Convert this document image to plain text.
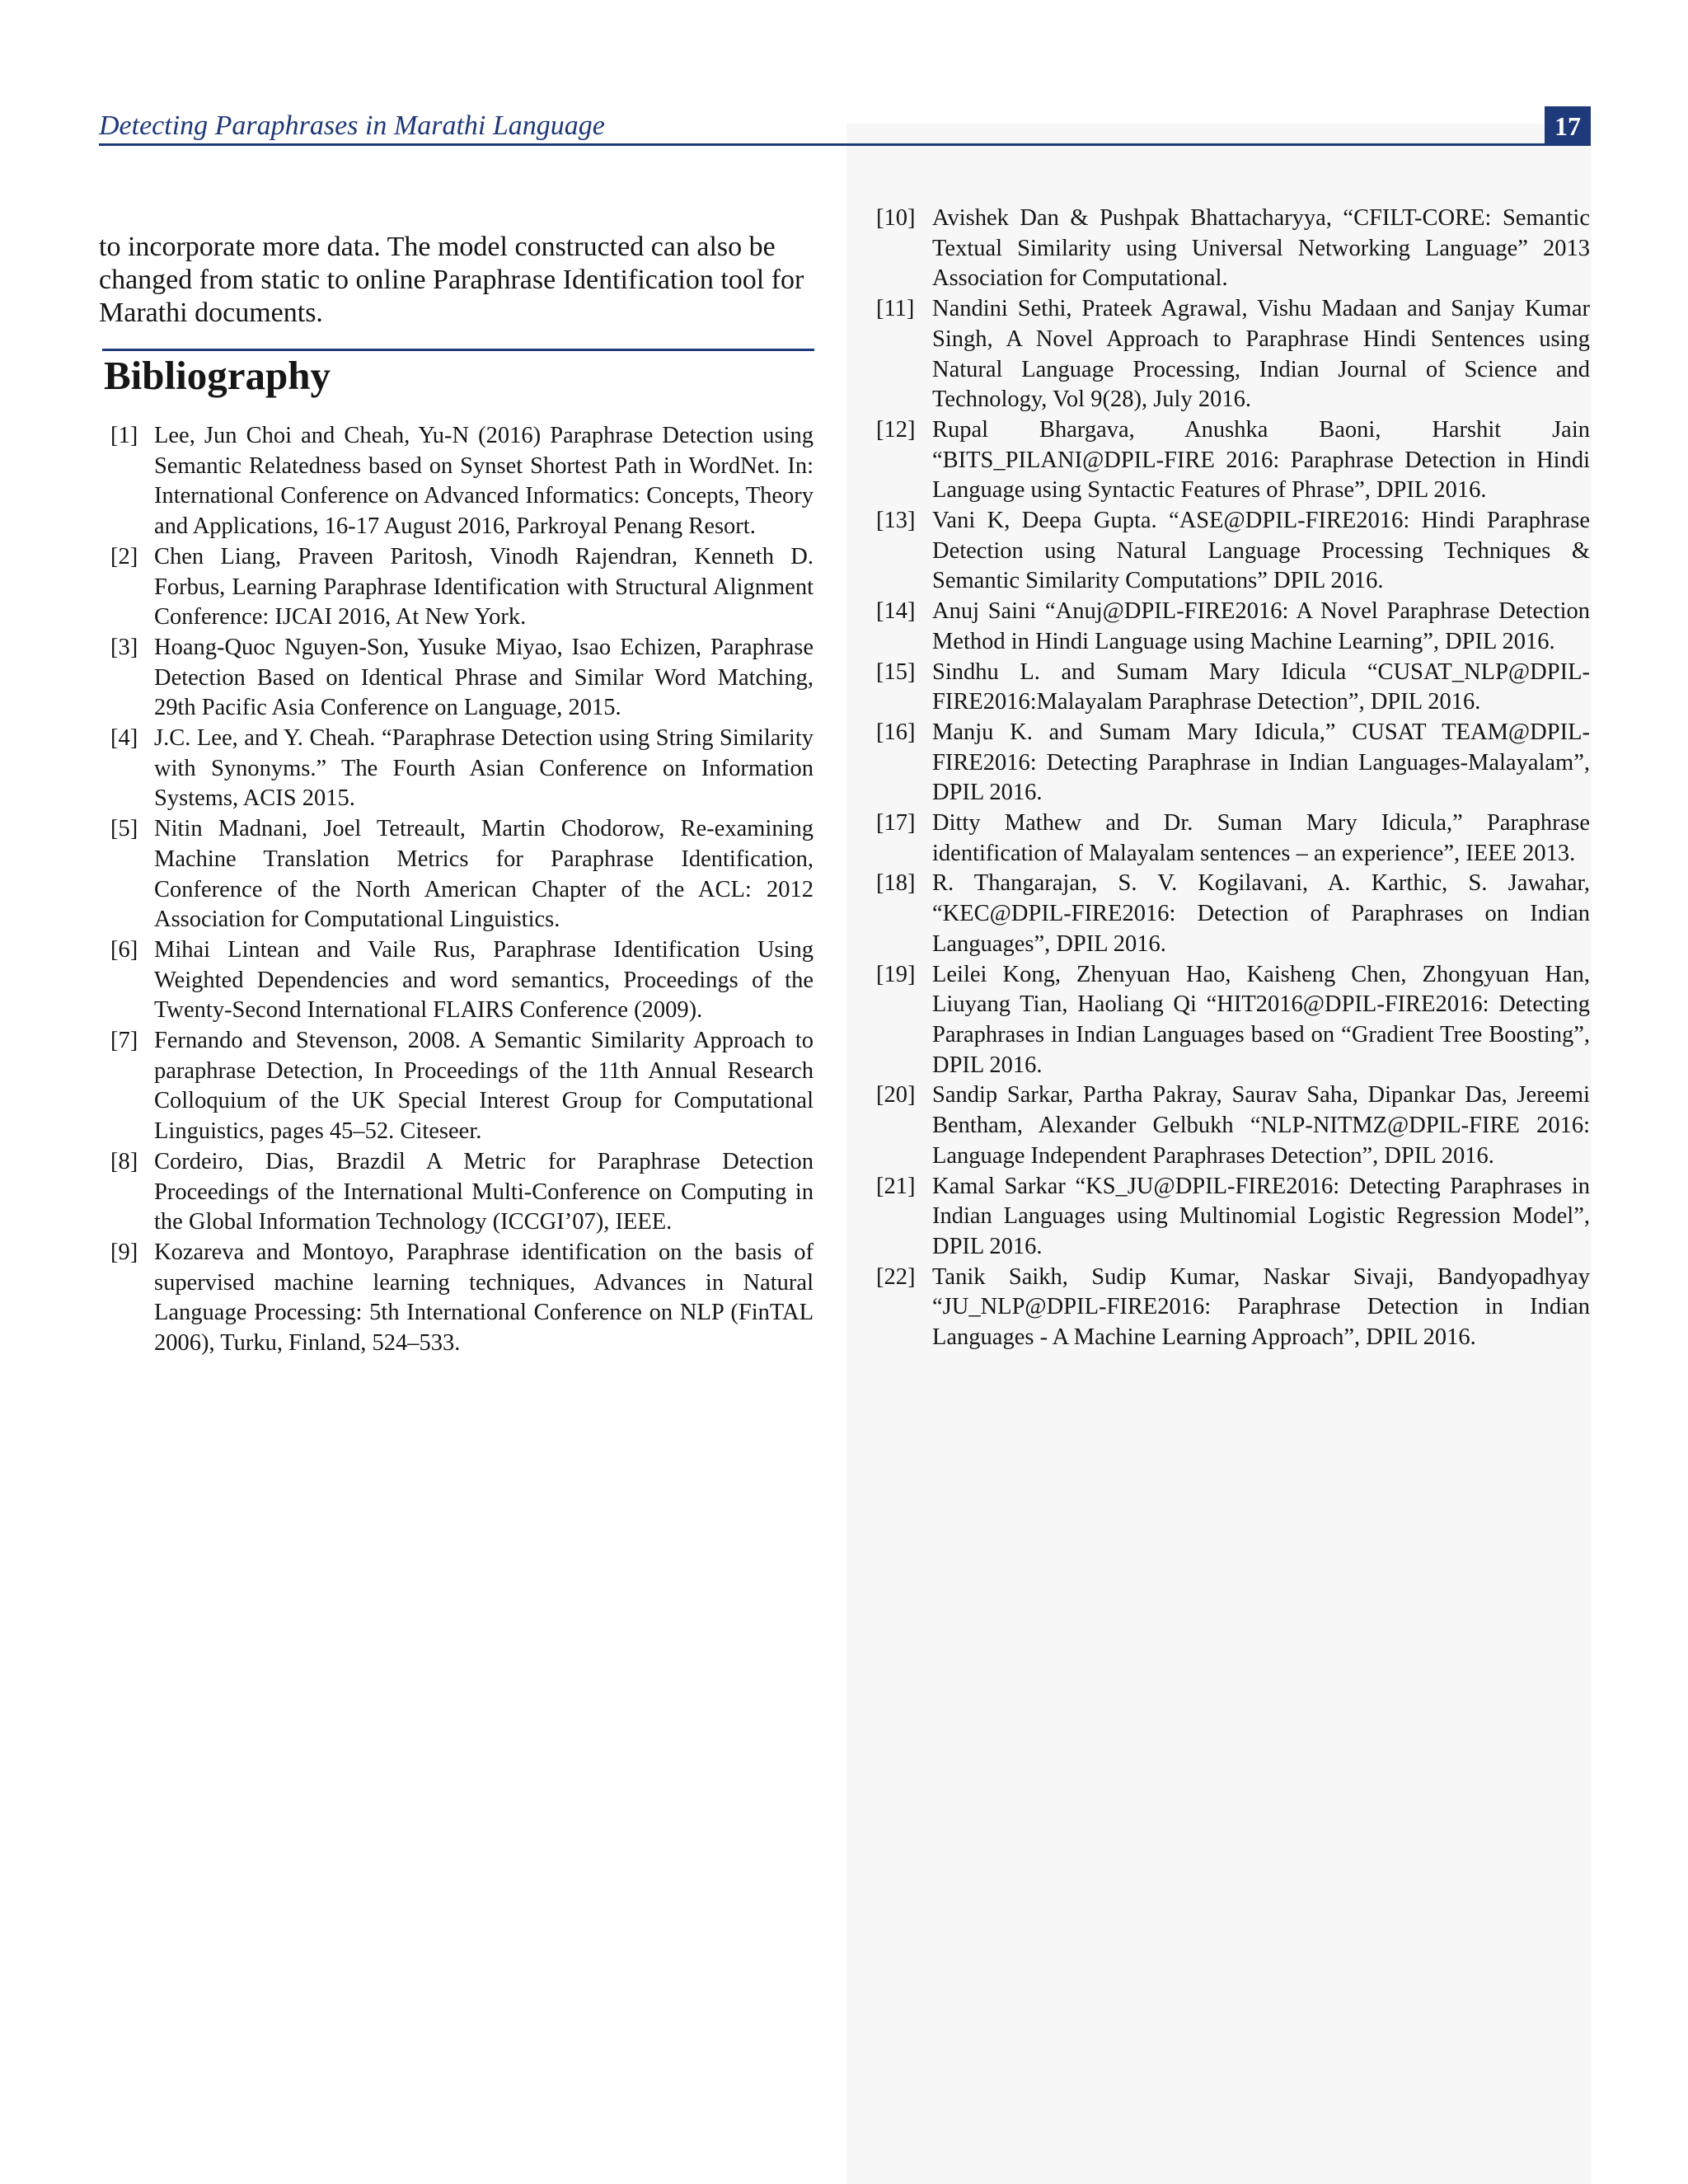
Detecting Paraphrases in Marathi Language	17

to incorporate more data. The model constructed can also be changed from static to online Paraphrase Identification tool for Marathi documents.

Bibliography
[1] Lee, Jun Choi and Cheah, Yu-N (2016) Paraphrase Detection using Semantic Relatedness based on Synset Shortest Path in WordNet. In: International Conference on Advanced Informatics: Concepts, Theory and Applications, 16-17 August 2016, Parkroyal Penang Resort.
[2] Chen Liang, Praveen Paritosh, Vinodh Rajendran, Kenneth D. Forbus, Learning Paraphrase Identification with Structural Alignment Conference: IJCAI 2016, At New York.
[3] Hoang-Quoc Nguyen-Son, Yusuke Miyao, Isao Echizen, Paraphrase Detection Based on Identical Phrase and Similar Word Matching, 29th Pacific Asia Conference on Language, 2015.
[4] J.C. Lee, and Y. Cheah. “Paraphrase Detection using String Similarity with Synonyms.” The Fourth Asian Conference on Information Systems, ACIS 2015.
[5] Nitin Madnani, Joel Tetreault, Martin Chodorow, Re-examining Machine Translation Metrics for Paraphrase Identification, Conference of the North American Chapter of the ACL: 2012 Association for Computational Linguistics.
[6] Mihai Lintean and Vaile Rus, Paraphrase Identification Using Weighted Dependencies and word semantics, Proceedings of the Twenty-Second International FLAIRS Conference (2009).
[7] Fernando and Stevenson, 2008. A Semantic Similarity Approach to paraphrase Detection, In Proceedings of the 11th Annual Research Colloquium of the UK Special Interest Group for Computational Linguistics, pages 45–52. Citeseer.
[8] Cordeiro, Dias, Brazdil A Metric for Paraphrase Detection Proceedings of the International Multi-Conference on Computing in the Global Information Technology (ICCGI’07), IEEE.
[9] Kozareva and Montoyo, Paraphrase identification on the basis of supervised machine learning techniques, Advances in Natural Language Processing: 5th International Conference on NLP (FinTAL 2006), Turku, Finland, 524–533.
[10] Avishek Dan & Pushpak Bhattacharyya, “CFILT-CORE: Semantic Textual Similarity using Universal Networking Language” 2013 Association for Computational.
[11] Nandini Sethi, Prateek Agrawal, Vishu Madaan and Sanjay Kumar Singh, A Novel Approach to Paraphrase Hindi Sentences using Natural Language Processing, Indian Journal of Science and Technology, Vol 9(28), July 2016.
[12] Rupal Bhargava, Anushka Baoni, Harshit Jain “BITS_PILANI@DPIL-FIRE 2016: Paraphrase Detection in Hindi Language using Syntactic Features of Phrase”, DPIL 2016.
[13] Vani K, Deepa Gupta. “ASE@DPIL-FIRE2016: Hindi Paraphrase Detection using Natural Language Processing Techniques & Semantic Similarity Computations” DPIL 2016.
[14] Anuj Saini “Anuj@DPIL-FIRE2016: A Novel Paraphrase Detection Method in Hindi Language using Machine Learning”, DPIL 2016.
[15] Sindhu L. and Sumam Mary Idicula “CUSAT_NLP@DPIL-FIRE2016:Malayalam Paraphrase Detection”, DPIL 2016.
[16] Manju K. and Sumam Mary Idicula,” CUSAT TEAM@DPIL-FIRE2016: Detecting Paraphrase in Indian Languages-Malayalam”, DPIL 2016.
[17] Ditty Mathew and Dr. Suman Mary Idicula,” Paraphrase identification of Malayalam sentences – an experience”, IEEE 2013.
[18] R. Thangarajan, S. V. Kogilavani, A. Karthic, S. Jawahar, “KEC@DPIL-FIRE2016: Detection of Paraphrases on Indian Languages”, DPIL 2016.
[19] Leilei Kong, Zhenyuan Hao, Kaisheng Chen, Zhongyuan Han, Liuyang Tian, Haoliang Qi “HIT2016@DPIL-FIRE2016: Detecting Paraphrases in Indian Languages based on “Gradient Tree Boosting”, DPIL 2016.
[20] Sandip Sarkar, Partha Pakray, Saurav Saha, Dipankar Das, Jereemi Bentham, Alexander Gelbukh “NLP-NITMZ@DPIL-FIRE 2016: Language Independent Paraphrases Detection”, DPIL 2016.
[21] Kamal Sarkar “KS_JU@DPIL-FIRE2016: Detecting Paraphrases in Indian Languages using Multinomial Logistic Regression Model”, DPIL 2016.
[22] Tanik Saikh, Sudip Kumar, Naskar Sivaji, Bandyopadhyay “JU_NLP@DPIL-FIRE2016: Paraphrase Detection in Indian Languages - A Machine Learning Approach”, DPIL 2016.
